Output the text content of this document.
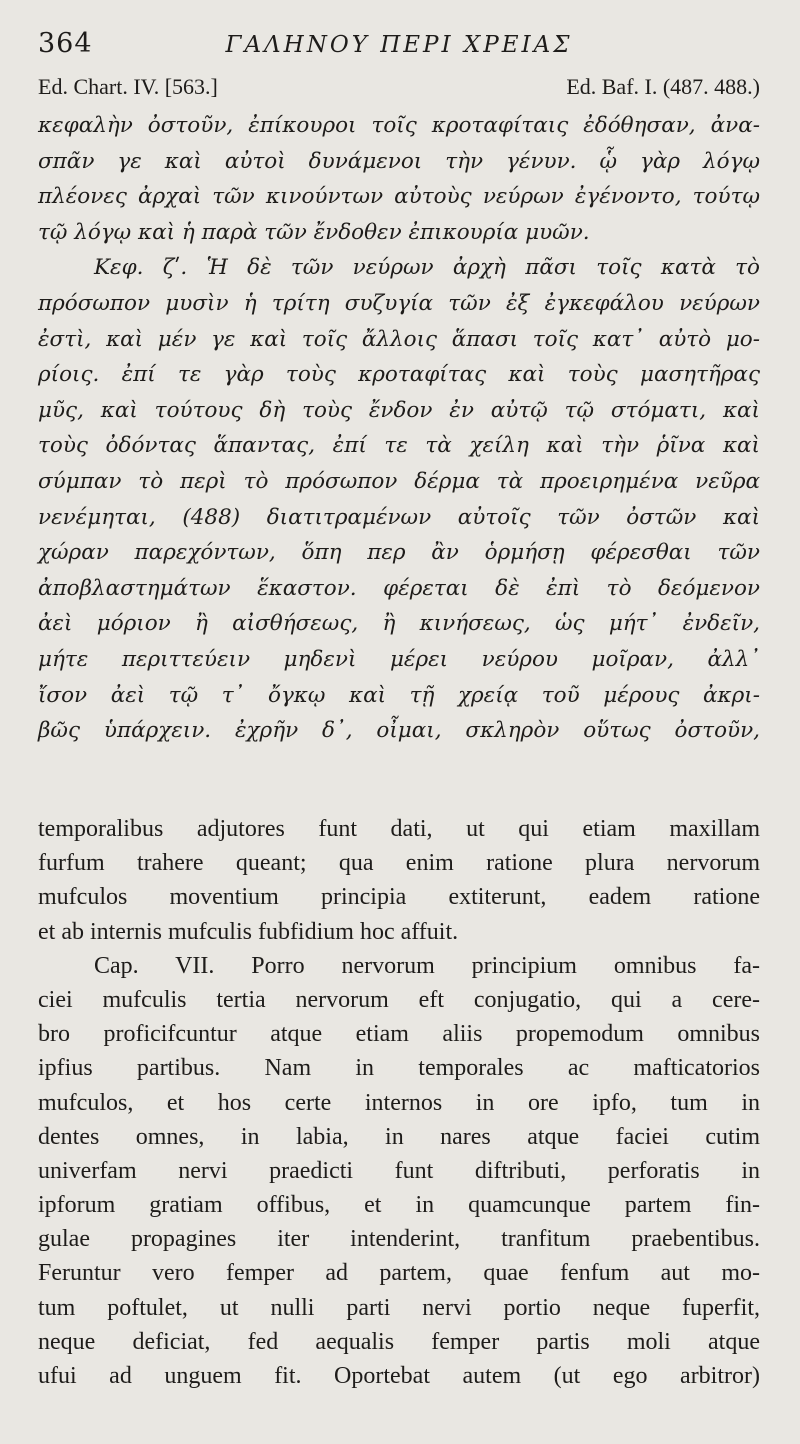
364	ΓΑΛΗΝΟΥ ΠΕΡΙ ΧΡΕΙΑΣ
Ed. Chart. IV. [563.]	Ed. Baf. I. (487. 488.)
κεφαλὴν ὀστοῦν, ἐπίκουροι τοῖς κροταφίταις ἐδόθησαν, ἀνα-
σπᾶν γε καὶ αὐτοὶ δυνάμενοι τὴν γένυν. ᾧ γὰρ λόγῳ
πλέονες ἀρχαὶ τῶν κινούντων αὐτοὺς νεύρων ἐγένοντο, τούτῳ
τῷ λόγῳ καὶ ἡ παρὰ τῶν ἔνδοθεν ἐπικουρία μυῶν.
Κεφ. ζʹ. Ἡ δὲ τῶν νεύρων ἀρχὴ πᾶσι τοῖς κατὰ τὸ
πρόσωπον μυσὶν ἡ τρίτη συζυγία τῶν ἐξ ἐγκεφάλου νεύρων
ἐστὶ, καὶ μέν γε καὶ τοῖς ἄλλοις ἅπασι τοῖς κατ᾽ αὐτὸ μο-
ρίοις. ἐπί τε γὰρ τοὺς κροταφίτας καὶ τοὺς μασητῆρας
μῦς, καὶ τούτους δὴ τοὺς ἔνδον ἐν αὐτῷ τῷ στόματι, καὶ
τοὺς ὀδόντας ἅπαντας, ἐπί τε τὰ χείλη καὶ τὴν ῥῖνα καὶ
σύμπαν τὸ περὶ τὸ πρόσωπον δέρμα τὰ προειρημένα νεῦρα
νενέμηται, (488) διατιτραμένων αὐτοῖς τῶν ὀστῶν καὶ
χώραν παρεχόντων, ὅπη περ ἂν ὁρμήσῃ φέρεσθαι τῶν
ἀποβλαστημάτων ἕκαστον. φέρεται δὲ ἐπὶ τὸ δεόμενον
ἀεὶ μόριον ἢ αἰσθήσεως, ἢ κινήσεως, ὡς μήτ᾽ ἐνδεῖν,
μήτε περιττεύειν μηδενὶ μέρει νεύρου μοῖραν, ἀλλ᾽
ἴσον ἀεὶ τῷ τ᾽ ὄγκῳ καὶ τῇ χρείᾳ τοῦ μέρους ἀκρι-
βῶς ὑπάρχειν. ἐχρῆν δ᾽, οἶμαι, σκληρὸν οὕτως ὀστοῦν,
temporalibus adjutores funt dati, ut qui etiam maxillam
furfum trahere queant; qua enim ratione plura nervorum
mufculos moventium principia extiterunt, eadem ratione
et ab internis mufculis fubfidium hoc affuit.
Cap. VII. Porro nervorum principium omnibus fa-
ciei mufculis tertia nervorum eft conjugatio, qui a cere-
bro proficifcuntur atque etiam aliis propemodum omnibus
ipfius partibus. Nam in temporales ac mafticatorios
mufculos, et hos certe internos in ore ipfo, tum in
dentes omnes, in labia, in nares atque faciei cutim
univerfam nervi praedicti funt diftributi, perforatis in
ipforum gratiam offibus, et in quamcunque partem fin-
gulae propagines iter intenderint, tranfitum praebentibus.
Feruntur vero femper ad partem, quae fenfum aut mo-
tum poftulet, ut nulli parti nervi portio neque fuperfit,
neque deficiat, fed aequalis femper partis moli atque
ufui ad unguem fit. Oportebat autem (ut ego arbitror)
